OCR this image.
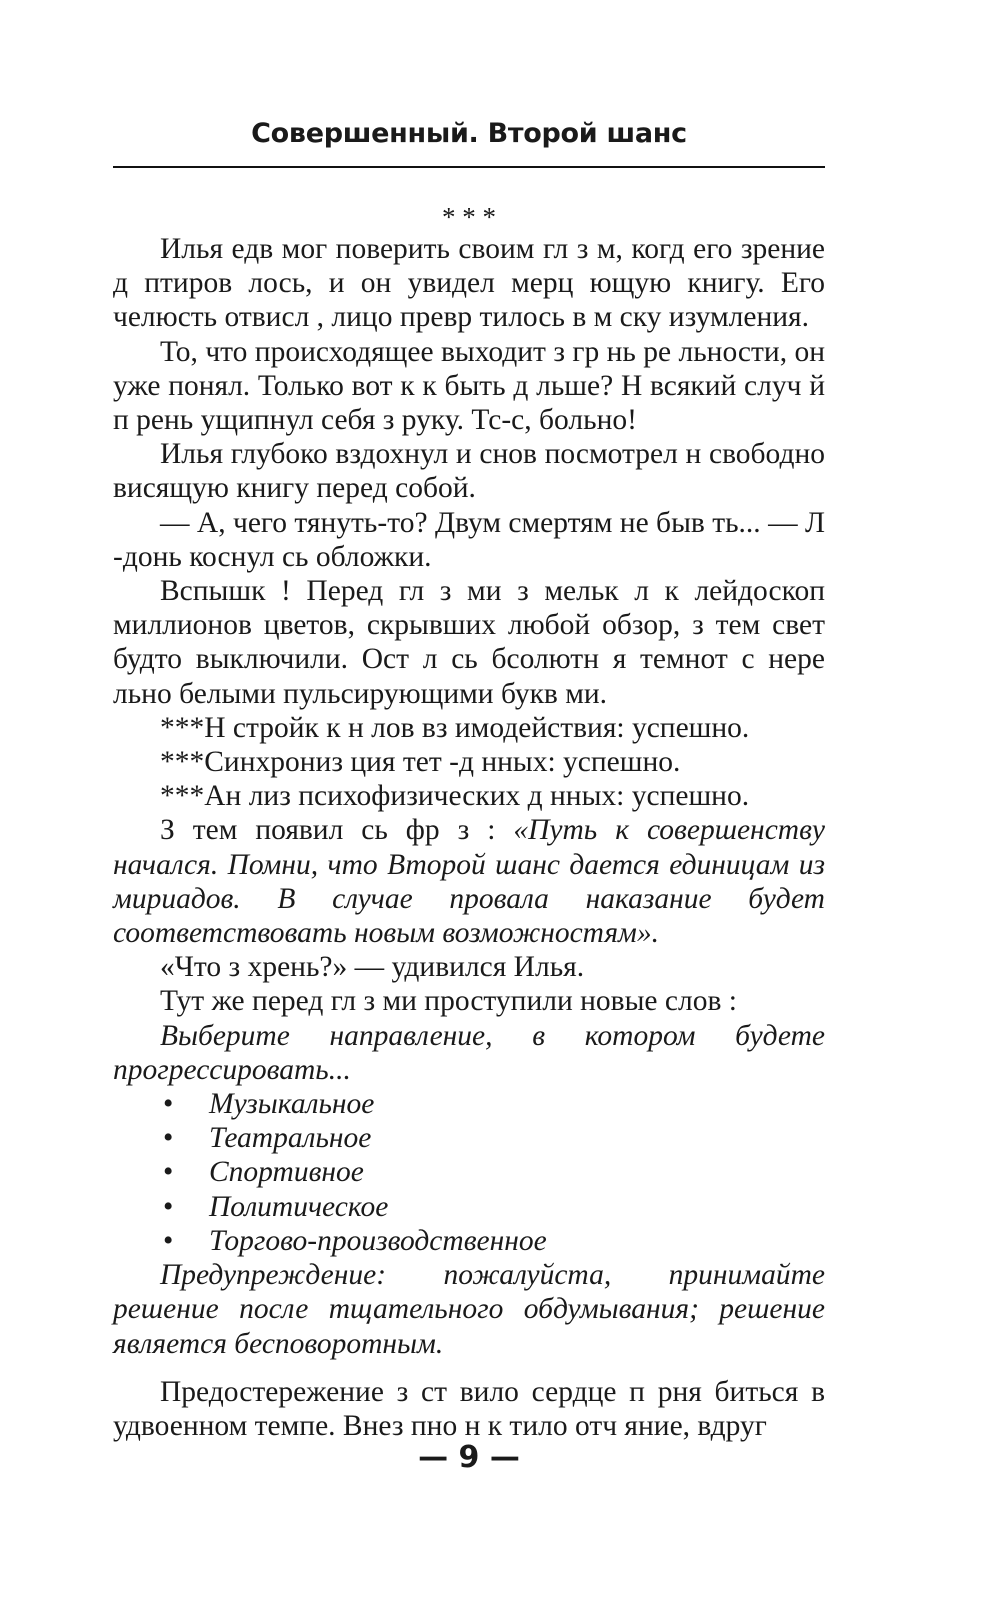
Совершенный. Второй шанс
* * *

Илья едв мог поверить своим гл з м, когд его зрение д птиров лось, и он увидел мерц ющую книгу. Его челюсть отвисл , лицо превр тилось в м ску изумления.

То, что происходящее выходит з гр нь ре льности, он уже понял. Только вот к к быть д льше? Н всякий случ й п рень ущипнул себя з руку. Тс-с, больно!

Илья глубоко вздохнул и снов посмотрел н свободно висящую книгу перед собой.

— А, чего тянуть-то? Двум смертям не быв ть... — Л -донь коснул сь обложки.

Вспышк ! Перед гл з ми з мельк л к лейдоскоп миллионов цветов, скрывших любой обзор, з тем свет будто выключили. Ост л сь бсолютн я темнот с нере льно белыми пульсирующими букв ми.

***Н стройк к н лов вз имодействия: успешно.

***Синхрониз ция тет -д нных: успешно.

***Ан лиз психофизических д нных: успешно.

З тем появил сь фр з : «Путь к совершенству начался. Помни, что Второй шанс дается единицам из мириадов. В случае провала наказание будет соответствовать новым возможностям».

«Что з хрень?» — удивился Илья.

Тут же перед гл з ми проступили новые слов :

Выберите направление, в котором будете прогрессировать...

• Музыкальное
• Театральное
• Спортивное
• Политическое
• Торгово-производственное

Предупреждение: пожалуйста, принимайте решение после тщательного обдумывания; решение является бесповоротным.

Предостережение з ст вило сердце п рня биться в удвоенном темпе. Внез пно н к тило отч яние, вдруг

— 9 —
